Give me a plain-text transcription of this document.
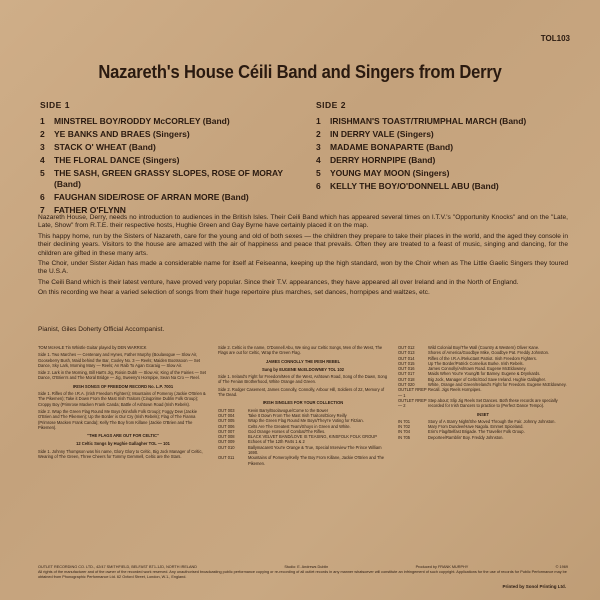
TOL103
Nazareth's House Céili Band and Singers from Derry
SIDE 1
1	MINSTREL BOY/RODDY McCORLEY (Band)
2	YE BANKS AND BRAES (Singers)
3	STACK O' WHEAT (Band)
4	THE FLORAL DANCE (Singers)
5	THE SASH, GREEN GRASSY SLOPES, ROSE OF MORAY (Band)
6	FAUGHAN SIDE/ROSE OF ARRAN MORE (Band)
7	FATHER O'FLYNN
SIDE 2
1	IRISHMAN'S TOAST/TRIUMPHAL MARCH (Band)
2	IN DERRY VALE (Singers)
3	MADAME BONAPARTE (Band)
4	DERRY HORNPIPE (Band)
5	YOUNG MAY MOON (Singers)
6	KELLY THE BOY/O'DONNELL ABU (Band)

Nazareth House, Derry, needs no introduction to audiences in the British Isles. Their Ceili Band which has appeared several times on I.T.V.'s "Opportunity Knocks" and on the "Late, Late, Show" from R.T.E. their respective hosts, Hughie Green and Gay Byrne have certainly placed it on the map.

This happy home, run by the Sisters of Nazareth, care for the young and old of both sexes — the children they prepare to take their places in the world, and the aged they console in their declining years. Visitors to the house are amazed with the air of happiness and peace that prevails. Often they are treated to a feast of music, singing and dancing, for the children are gifted in these many arts.

The Choir, under Sister Aidan has made a considerable name for itself at Feiseanna, keeping up the high standard, won by the Choir when as The Little Gaelic Singers they toured the U.S.A.

The Ceili Band which is their latest venture, have proved very popular. Since their T.V. appearances, they have appeared all over Ireland and in the North of England.

On this recording we hear a varied selection of songs from their huge repertoire plus marches, set dances, hornpipes and waltzes, etc.

Pianist, Giles Doherty Official Accompanist.

TOM McHALE Tin Whistle Guitar played by DEN WARRICK

Side 1. Two Marches — Centenary and Hynes, Father Murphy (Boulavogue — Slow Air, Gooseberry Bush, Maid behind the Bar, Cooley No. 3 — Reels; Maiden Bootssoon — Set Dance, Sky Lark, Morning Mary — Reels; An Raib To Agan Gcaraig — Slow Air.

Side 2. Lark in the Morning, Bill Hart's Jig, Roisin Dubh — Slow Air, King of the Fairies — Set Dance, O'Brien's and The Moral Bridge — Jig, Sweeny's Hornpipe, Sean Na Cro — Reel.

IRISH SONGS OF FREEDOM RECORD No. L.P. 7001

Side 1. Rifles of the I.R.A. (Irish Freedom Fighters); Mountains of Pomeroy (Jackie O'Brien & The Pikemen); Take it Down From the Mast Irish Traitors (Cinqprime Dublin Folk Group); Croppy Boy (Primrose Macken Frank Canda; Battle of Ashtown Road (Irish Rebels).

Side 2. Wrap the Green Flag Round Me Boys (Kinsfolk Folk Group); Foggy Dew (Jackie O'Brien and The Pikemen); Up the Border is Our Cry (Irish Rebels); Flag of The Fianna (Primrose Macken Frank Canda); Kelly The Boy from Killane (Jackie O'Brien and The Pikemen).

"THE FLAGS ARE OUT FOR CELTIC"
12 Celtic Songs by Hughie Gallagher TOL — 101

Side 1. Johnny Thompson was his name, Glory Glory to Celtic, Big Jock Manager of Celtic, Wearing of The Green, Three Cheers for Tommy Gemmell, Celtic are the Stars.

Side 2. Celtic is the name, O'Donnell Abu, We sing our Celtic Songs, Men of the West, The Flags are out for Celtic, Wrap the Green Flag.

JAMES CONNOLLY THE IRISH REBEL
Sung by EUGENE McELDOWNEY TOL 102

Side 1. Ireland's Fight for Freedom/Men of the West, Ashtown Road, Song of the Dawn, Song of The Fenian Brotherhood, White Orange and Green.

Side 2. Rodger Casement, James Connolly, Connolly, Arbour Hill, Soldiers of 22, Memory of The Dead.

IRISH SINGLES FOR YOUR COLLECTION
OUT 003	Kevin Barry/Boolavogue/Come to the Bower
OUT 004	Take It Down From The Mast Irish Traitors/Dicey Reilly
OUT 005	Wrap the Green Flag Round Me Boys/They're Voting for Fitzian.
OUT 006	Celts Are The Greatest Team/Shoys in Green and White.
OUT 007	God Orange Horses of Combat/The Rifles.
OUT 008	BLACK VELVET BAND/LOVE IS TEASING, KINSFOLK FOLK GROUP
OUT 009	Echoes of The 12th Parts 1 & 2
OUT 010	Ballymacarett You're Orange & True, Special Interview The Prince William 1690.
OUT 011	Mountains of Pomeroy/Kelly The Boy From Killane, Jackie O'Brien and The Pikemen.
OUT 012	Wild Colonial Boy/The Wall (Country & Western) Oliver Kane.
OUT 013	Shores of America/Goodbye Mike, Goodbye Pat. Freddy Johnston.
OUT 014	Rifles of the I.R.A./Reluctant Patriot. Irish Freedom Fighters.
OUT 015	Up The Border/Patrick Cornelius Burke. Irish Rebels.
OUT 016	James Connolly/Ashtown Road. Eugene McEldowney.
OUT 017	Maids When You're Young/B for Barney. Eugene & Drynkards.
OUT 018	Big Jock, Manager of Celtic/God Save Ireland. Hughie Gallagher.
OUT 020	White, Orange and Green/Ireland's Fight for Freedom. Eugene McEldowney.
OUTLET RREP — 1
Recall. Jigs Reels Hornpipes.
OUTLET RREP — 2
Step about; Slip Jig Reels Set Dances. Both these records are specially recorded for Irish Dancers to practice to (Perfect Dance Tempo).
INSET
IN 701	Story of A Starry Night/She Moved Through the Fair. Johnny Johnston.
IN 702	Mary From Dundee/Have Nagola. Emmet Spiceland.
IN 704	Erin's Flag/Belfast Brigade. The Traveller Folk Group.
IN 705	Deportee/Ramblin' Boy. Freddy Johnston.
OUTLET RECORDING CO. LTD., 42/47 SMITHFIELD, BELFAST BT1-1JD, NORTH IRELAND	Studio: E. Andrews Dublin	Produced by FRANK MURPHY	© 1969
All rights of the manufacturer and of the owner of the recorded work reserved. Any unauthorised broadcasting public performance copying or re-recording of all outlet records in any manner whatsoever will constitute an infringement of such copyright. Applications for the use of records for Public Performance may be obtained from Phonographic Performance Ltd. 62 Oxford Street, London, W.1., England.
Printed by Sonol Printing Ltd.
